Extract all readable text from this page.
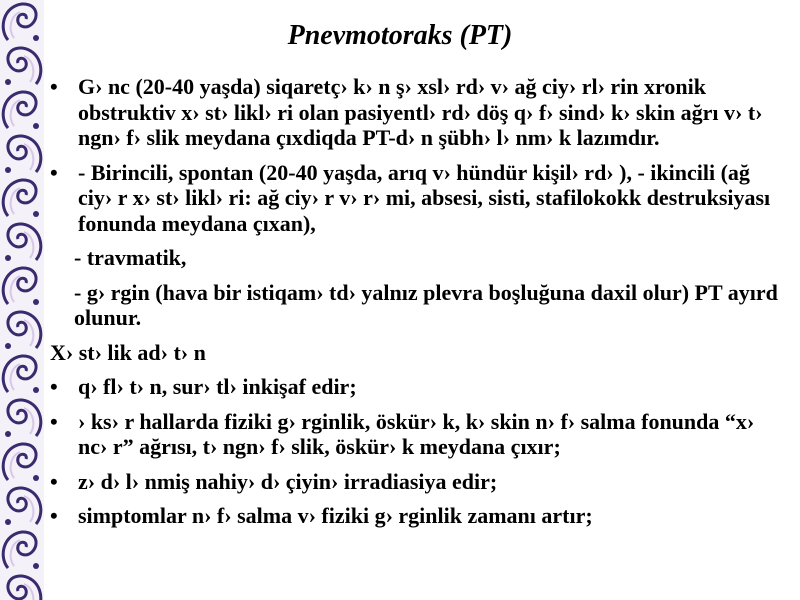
Pnevmotoraks (PT)
• G› nc (20-40 yaşda) siqaretç› k› n ş› xsl› rd› v› ağ ciy› rl› rin xronik obstruktiv x› st› likl› ri olan pasiyentl› rd› döş q› f› sind› k› skin ağrı v› t› ngn› f› slik meydana çıxdiqda PT-d› n şübh› l› nm› k lazımdır.
• - Birincili, spontan (20-40 yaşda, arıq v› hündür kişil› rd› ), - ikincili (ağ ciy› r x› st› likl› ri: ağ ciy› r v› r› mi, absesi, sisti, stafilokokk destruksiyası fonunda meydana çıxan),
- travmatik,
- g› rgin (hava bir istiqam› td› yalnız plevra boşluğuna daxil olur) PT ayırd olunur.
X› st› lik ad› t› n
• q› fl› t› n, sur› tl› inkişaf edir;
• › ks› r hallarda fiziki g› rginlik, öskür› k, k› skin n› f› salma fonunda “x› nc› r” ağrısı, t› ngn› f› slik, öskür› k meydana çıxır;
• z› d› l› nmiş nahiy› d› çiyin› irradiasiya edir;
• simptomlar n› f› salma v› fiziki g› rginlik zamanı artır;
